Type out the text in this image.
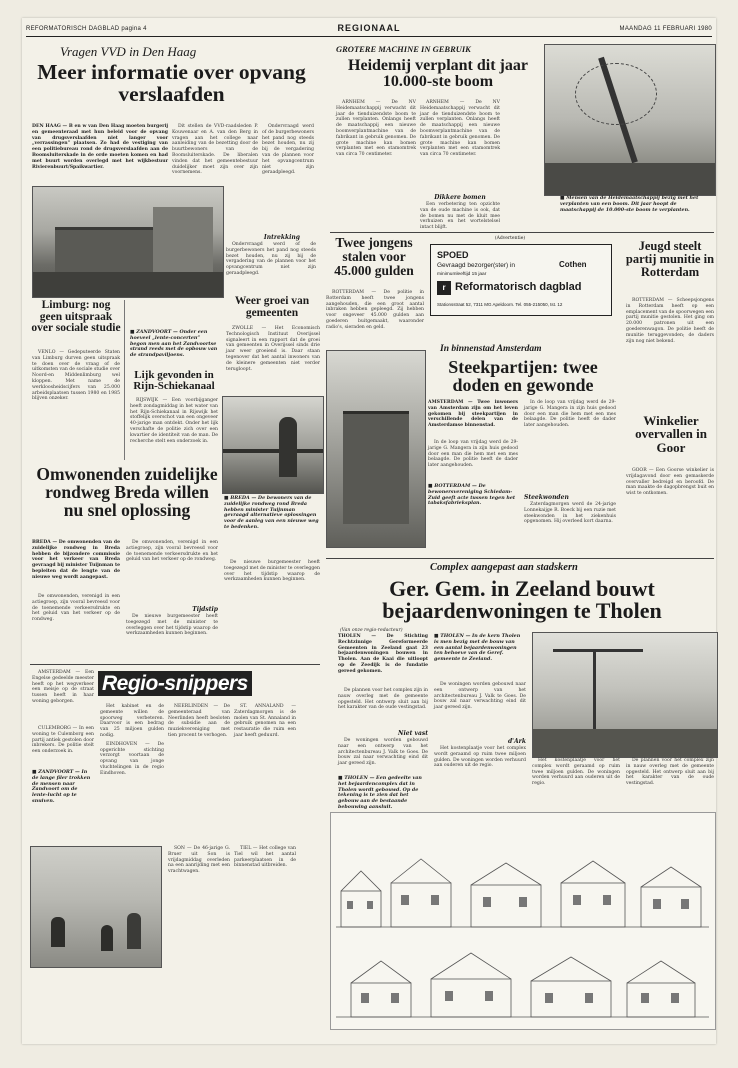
REFORMATORISCH DAGBLAD pagina 4	REGIONAAL	MAANDAG 11 FEBRUARI 1980
Vragen VVD in Den Haag
Meer informatie over opvang verslaafden
DEN HAAG — B en w van Den Haag moeten burgerij en gemeenteraad met hun beleid voor de opvang van drugsverslaafden niet langer voor „verrassingen” plaatsen. Zo had de vestiging van een politiebureau rond de drugsverslaafden aan de Boomsluiterskade in de orde moeten komen en had met buurt worden overlegd met het wijkbestuur Rivierenbuurt/Spaikwartier.

Dit stellen de VVD-raadsleden P. Kouwenaar en A. van den Berg in vragen aan het college naar aanleiding van de bezetting door de buurtbewoners van de Boomsluiterskade. De liberalen vinden dat het gemeentebestuur duidelijker moet zijn over zijn voornemens.

Ondervraagd werd of de burgerbewoners het pand nog steeds bezet houden, nu zij bij de vergadering van de plannen voor het opvangcentrum niet zijn geraadpleegd.

Intrekking

Ondervraagd werd of de burgerbewoners het pand nog steeds bezet houden, nu zij bij de vergadering van de plannen voor het opvangcentrum niet zijn geraadpleegd.

Limburg: nog geen uitspraak over sociale studie

VENLO — Gedeputeerde Staten van Limburg durven geen uitspraak te doen over de vraag of de uitkomsten van de sociale studie over Noord-en Middenlimburg wel kloppen. Met name de werkloosheidscijfers van 25.000 arbeidsplaatsen tussen 1980 en 1985 blijven onzeker.

■ ZANDVOORT — Onder een hoeveel „lente-concerten” begon men aan het Zandvoortse strand reeds met de opbouw van de strandpaviljoens.
Lijk gevonden in Rijn-Schiekanaal

RIJSWIJK — Een voorbijganger heeft zondagmiddag in het water van het Rijn-Schiekanaal in Rijswijk het stoffelijk overschot van een ongeveer 40-jarige man ontdekt. Onder het lijk verschafte de politie zich over een kwartier de identiteit van de man. De recherche stelt een onderzoek in.

Weer groei van gemeenten

ZWOLLE — Het Economisch Technologisch Instituut Overijssel signaleert in een rapport dat de groei van gemeenten in Overijssel sinds drie jaar weer groeiend is. Daar staan tegenover dat het aantal inwoners van de kleinere gemeenten niet verder terugloopt.

Omwonenden zuidelijke rondweg Breda willen nu snel oplossing
BREDA — De omwonenden van de zuidelijke rondweg in Breda hebben de bijzondere commissie voor het verkeer van Breda gevraagd bij minister Tuijnman te bepleiten dat de lengte van de nieuwe weg wordt aangepast.

De omwonenden, verenigd in een actiegroep, zijn vooral bevreesd voor de toenemende verkeersdrukte en het geluid van het verkeer op de rondweg.

De omwonenden, verenigd in een actiegroep, zijn vooral bevreesd voor de toenemende verkeersdrukte en het geluid van het verkeer op de rondweg.

Tijdstip

De nieuwe burgemeester heeft toegezegd met de minister te overleggen over het tijdstip waarop de werkzaamheden kunnen beginnen.

■ BREDA — De bewoners van de zuidelijke rondweg rond Breda hebben minister Tuijnman gevraagd alternatieve oplossingen voor de aanleg van een nieuwe weg te bedenken.

De nieuwe burgemeester heeft toegezegd met de minister te overleggen over het tijdstip waarop de werkzaamheden kunnen beginnen.

Regio-snippers

AMSTERDAM — Een Engelse gedeelde meester heeft op het wegverkeer een meisje op de straat tussen heeft in haar woning geborgen.

CULEMBORG — In een woning te Culemborg een partij antiek gestolen door inbrekers. De politie stelt een onderzoek in.

■ ZANDVOORT — In de lange filer trokken de mensen naar Zandvoort om de lente-lucht op te snuiven.

Het kabinet en de gemeente willen de spoorweg verbeteren. Daarvoor is een bedrag van 25 miljoen gulden nodig.

EINDHOVEN — De opgerichte stichting verzorgt voortaan de opvang van jonge vluchtelingen in de regio Eindhoven.

NEERLINDEN — De gemeenteraad van Neerlinden heeft besloten de subsidie aan de muziekvereniging met tien procent te verhogen.

SON — De 46-jarige G. Bruer uit Son is vrijdagmiddag overleden na een aanrijding met een vrachtwagen.

ST. ANNALAND — Zaterdagmorgen is de molen van St. Annaland in gebruik genomen na een restauratie die ruim een jaar heeft geduurd.

TIEL — Het college van Tiel wil het aantal parkeerplaatsen in de binnenstad uitbreiden.

GROTERE MACHINE IN GEBRUIK
Heidemij verplant dit jaar 10.000-ste boom

ARNHEM — De NV Heidemaatschappij verwacht dit jaar de tienduizendste boom te zullen verplanten. Onlangs heeft de maatschappij een nieuwe boomverplantmachine van de fabrikant in gebruik genomen. De grote machine kan bomen verplanten met een stamomtrek van circa 70 centimeter.

ARNHEM — De NV Heidemaatschappij verwacht dit jaar de tienduizendste boom te zullen verplanten. Onlangs heeft de maatschappij een nieuwe boomverplantmachine van de fabrikant in gebruik genomen. De grote machine kan bomen verplanten met een stamomtrek van circa 70 centimeter.

Dikkere bomen

Een verbetering ten opzichte van de oude machine is ook, dat de bomen nu met de kluit mee verhuizen en het wortelstelsel intact blijft.

■ Mensen van de Heidemaatschappij bezig met het verplanten van een boom. Dit jaar hoopt de maatschappij de 10.000-ste boom te verplanten.
Twee jongens stalen voor 45.000 gulden

ROTTERDAM — De politie in Rotterdam heeft twee jongens aangehouden, die een groot aantal inbraken hebben gepleegd. Zij hebben voor ongeveer 45.000 gulden aan goederen buitgemaakt, waaronder radio's, sieraden en geld.

(Advertentie)
SPOED
Gevraagd bezorger(ster) in	Cothen
minimumleeftijd 15 jaar
r Reformatorisch dagblad
Stationsstraat 52, 7311 MG Apeldoorn. Tel. 055-215050, tst. 12
Jeugd steelt partij munitie in Rotterdam

ROTTERDAM — Scheepsjongens in Rotterdam heeft op een emplacement van de spoorwegen een partij munitie gestolen. Het ging om 20.000 patronen uit een goederenwagon. De politie heeft de munitie teruggevonden; de daders zijn nog niet bekend.

In binnenstad Amsterdam
Steekpartijen: twee doden en gewonde
AMSTERDAM — Twee inwoners van Amsterdam zijn om het leven gekomen bij steekpartijen in verschillende delen van de Amsterdamse binnenstad.

In de loop van vrijdag werd de 29-jarige G. Mangera in zijn huis gedood door een man die hem met een mes belaagde. De politie heeft de dader later aangehouden.

■ BOTTERDAM — De bewonersvereniging Schiedam-Zuid geeft acte tussen tegen het tabaksfabrieksplan.

In de loop van vrijdag werd de 29-jarige G. Mangera in zijn huis gedood door een man die hem met een mes belaagde. De politie heeft de dader later aangehouden.

Steekwonden

Zaterdagmorgen werd de 24-jarige Lonnekaijge R. Boeck bij een ruzie met steekwonden in het ziekenhuis opgenomen. Hij overleed kort daarna.

Winkelier overvallen in Goor

GOOR — Een Goorse winkelier is vrijdagavond door een gemaskerde overvaller bedreigd en beroofd. De man maakte de dagopbrengst buit en wist te ontkomen.

Complex aangepast aan stadskern
Ger. Gem. in Zeeland bouwt bejaardenwoningen te Tholen
(Van onze regio-redacteur)
THOLEN — De Stichting Rechtzinnige Gereformeerde Gemeenten in Zeeland gaat 23 bejaardenwoningen bouwen in Tholen. Aan de Kaai die uitloopt op de Zeedijk is de fundatie gereed gekomen.

De plannen voor het complex zijn in nauw overleg met de gemeente opgesteld. Het ontwerp sluit aan bij het karakter van de oude vestingstad.

Niet vast

De woningen worden gebouwd naar een ontwerp van het architectenbureau J. Valk te Goes. De bouw zal naar verwachting eind dit jaar gereed zijn.

■ THOLEN — Een gedeelte van het bejaardencomplex dat in Tholen wordt gebouwd. Op de tekening is te zien dat het gebouw aan de bestaande bebouwing aansluit.
■ THOLEN — In de kern Tholen is men bezig met de bouw van een aantal bejaardenwoningen ten behoeve van de Geref. gemeente te Zeeland.

De woningen worden gebouwd naar een ontwerp van het architectenbureau J. Valk te Goes. De bouw zal naar verwachting eind dit jaar gereed zijn.

d'Ark

Het kostenplaatje voor het complex wordt geraamd op ruim twee miljoen gulden. De woningen worden verhuurd aan ouderen uit de regio.

Het kostenplaatje voor het complex wordt geraamd op ruim twee miljoen gulden. De woningen worden verhuurd aan ouderen uit de regio.

De plannen voor het complex zijn in nauw overleg met de gemeente opgesteld. Het ontwerp sluit aan bij het karakter van de oude vestingstad.
